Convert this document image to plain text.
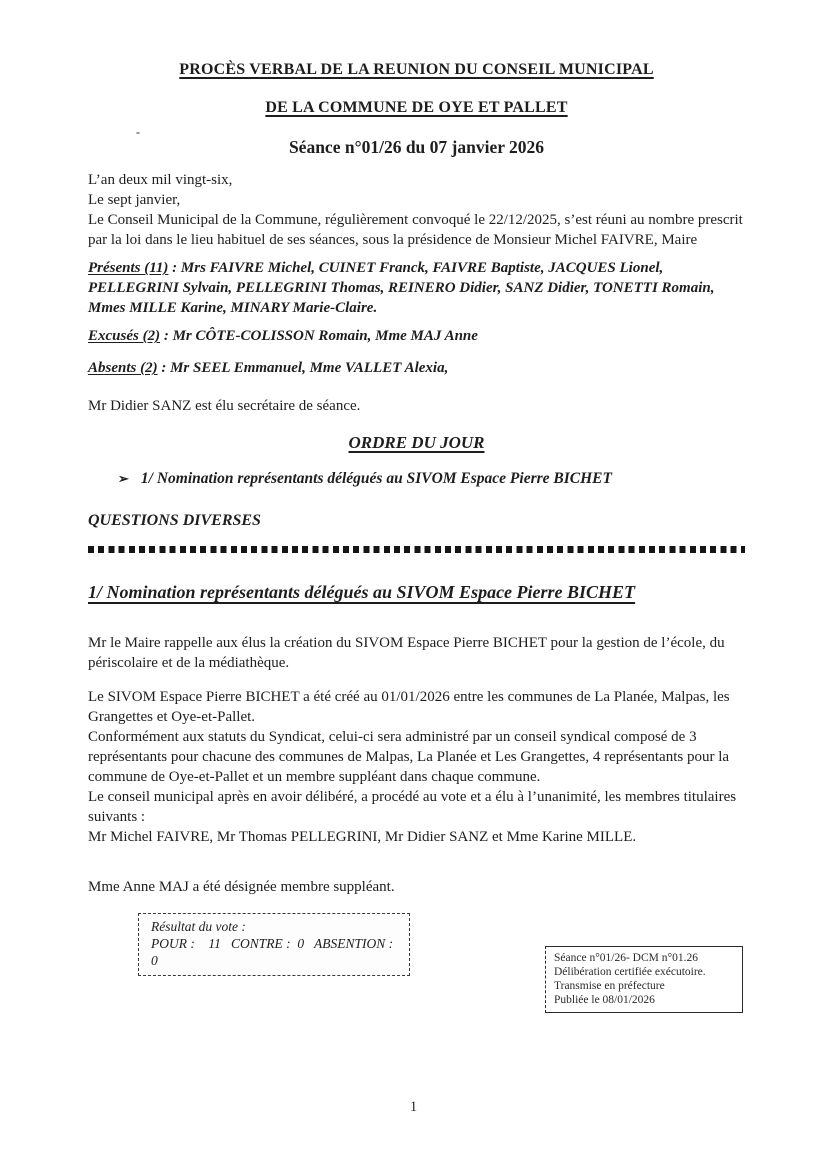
-
PROCÈS VERBAL DE LA REUNION DU CONSEIL MUNICIPAL
DE LA COMMUNE DE OYE ET PALLET
Séance n°01/26 du 07 janvier 2026

L’an deux mil vingt-six,
Le sept janvier,
Le Conseil Municipal de la Commune, régulièrement convoqué le 22/12/2025, s’est réuni au nombre prescrit par la loi dans le lieu habituel de ses séances, sous la présidence de Monsieur Michel FAIVRE, Maire

Présents (11) : Mrs FAIVRE Michel, CUINET Franck, FAIVRE Baptiste, JACQUES Lionel, PELLEGRINI Sylvain, PELLEGRINI Thomas, REINERO Didier, SANZ Didier, TONETTI Romain, Mmes MILLE Karine, MINARY Marie-Claire.

Excusés (2) : Mr CÔTE-COLISSON Romain, Mme MAJ Anne

Absents (2) : Mr SEEL Emmanuel, Mme VALLET Alexia,

Mr Didier SANZ est élu secrétaire de séance.

ORDRE DU JOUR

➢ 1/ Nomination représentants délégués au SIVOM Espace Pierre BICHET

QUESTIONS DIVERSES

1/ Nomination représentants délégués au SIVOM Espace Pierre BICHET

Mr le Maire rappelle aux élus la création du SIVOM Espace Pierre BICHET pour la gestion de l’école, du périscolaire et de la médiathèque.

Le SIVOM Espace Pierre BICHET a été créé au 01/01/2026 entre les communes de La Planée, Malpas, les Grangettes et Oye-et-Pallet.
Conformément aux statuts du Syndicat, celui-ci sera administré par un conseil syndical composé de 3 représentants pour chacune des communes de Malpas, La Planée et Les Grangettes, 4 représentants pour la commune de Oye-et-Pallet et un membre suppléant dans chaque commune.
Le conseil municipal après en avoir délibéré, a procédé au vote et a élu à l’unanimité, les membres titulaires suivants :
Mr Michel FAIVRE, Mr Thomas PELLEGRINI, Mr Didier SANZ et Mme Karine MILLE.

Mme Anne MAJ a été désignée membre suppléant.

Résultat du vote :
POUR :    11   CONTRE :  0   ABSENTION : 0	Séance n°01/26- DCM n°01.26
Délibération certifiée exécutoire.
Transmise en préfecture
Publiée le 08/01/2026
1
